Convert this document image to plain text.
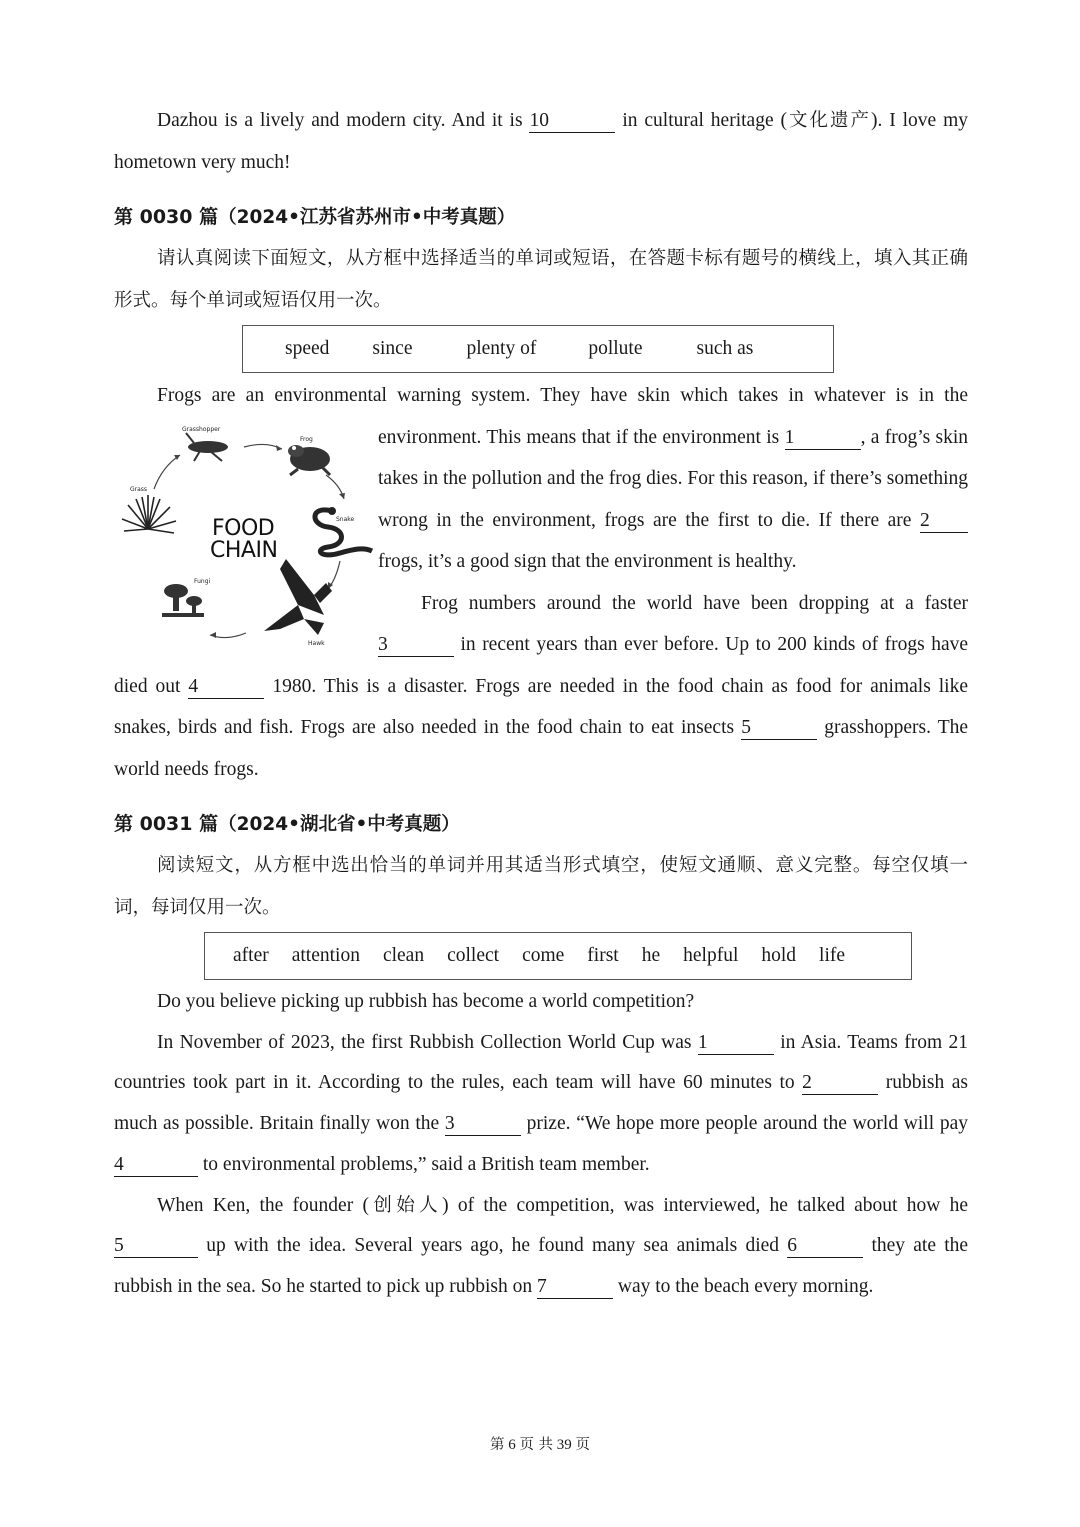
Dazhou is a lively and modern city. And it is 10	in cultural heritage (文化遗产). I love my hometown very much!

第 0030 篇（2024•江苏省苏州市•中考真题）

请认真阅读下面短文，从方框中选择适当的单词或短语，在答题卡标有题号的横线上，填入其正确形式。每个单词或短语仅用一次。

speed since	plenty of	pollute	such as

Frogs are an environmental warning system. They have skin which takes in whatever is in the environment. This means that if the environment is 1
Grasshopper
Frog
Grass
FOOD
CHAIN
Snake
Fungi
Hawk
, a frog’s skin takes in the pollution and the frog dies. For this reason, if there’s something wrong in the environment, frogs are the first to die. If there are 2 frogs, it’s a good sign that the environment is healthy.

Frog numbers around the world have been dropping at a faster 3	in recent years than ever before. Up to 200 kinds of frogs have died out 4	1980. This is a disaster. Frogs are needed in the food chain as food for animals like snakes, birds and fish. Frogs are also needed in the food chain to eat insects 5	grasshoppers. The world needs frogs.

第 0031 篇（2024•湖北省•中考真题）

阅读短文，从方框中选出恰当的单词并用其适当形式填空，使短文通顺、意义完整。每空仅填一词，每词仅用一次。

after attention clean collect come first he helpful hold life

Do you believe picking up rubbish has become a world competition?

In November of 2023, the first Rubbish Collection World Cup was 1	in Asia. Teams from 21 countries took part in it. According to the rules, each team will have 60 minutes to 2	rubbish as much as possible. Britain finally won the 3	prize. “We hope more people around the world will pay 4	to environmental problems,” said a British team member.

When Ken, the founder (创始人) of the competition, was interviewed, he talked about how he 5	up with the idea. Several years ago, he found many sea animals died 6	they ate the rubbish in the sea. So he started to pick up rubbish on 7	way to the beach every morning.

第 6 页 共 39 页
